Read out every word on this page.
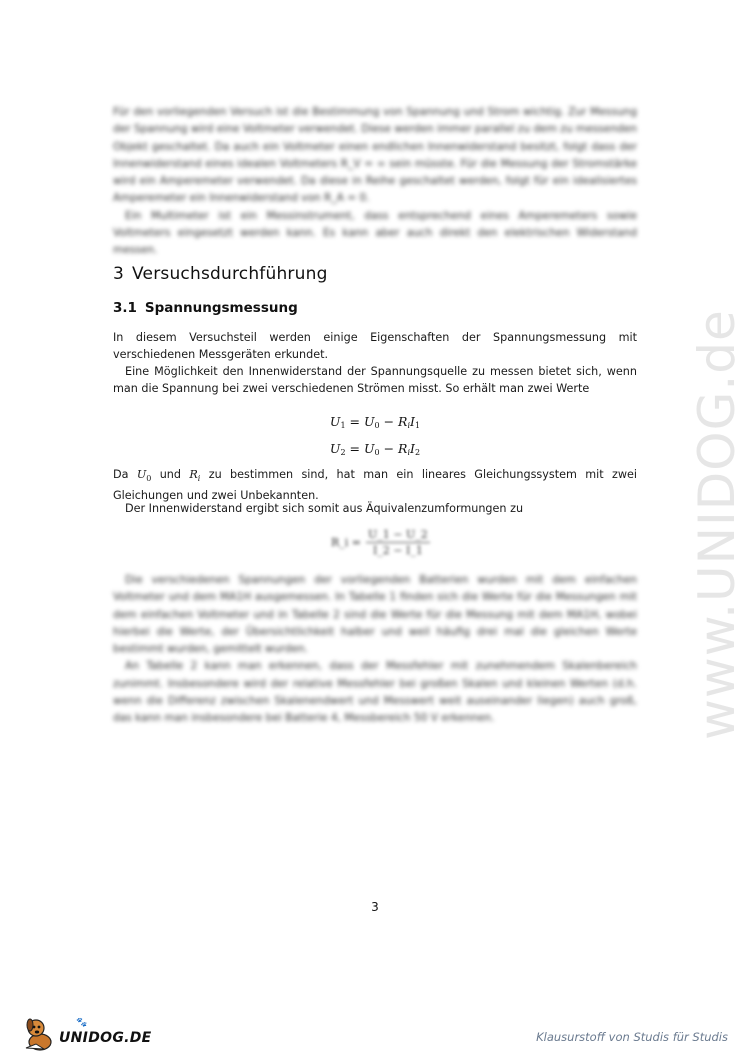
www.UNIDOG.de

Für den vorliegenden Versuch ist die Bestimmung von Spannung und Strom wichtig. Zur Messung der Spannung wird eine Voltmeter verwendet. Diese werden immer parallel zu dem zu messenden Objekt geschaltet. Da auch ein Voltmeter einen endlichen Innenwiderstand besitzt, folgt dass der Innenwiderstand eines idealen Voltmeters R_V = ∞ sein müsste. Für die Messung der Stromstärke wird ein Amperemeter verwendet. Da diese in Reihe geschaltet werden, folgt für ein idealisiertes Amperemeter ein Innenwiderstand von R_A = 0.

Ein Multimeter ist ein Messinstrument, dass entsprechend eines Amperemeters sowie Voltmeters eingesetzt werden kann. Es kann aber auch direkt den elektrischen Widerstand messen.

3 Versuchsdurchführung
3.1 Spannungsmessung
In diesem Versuchsteil werden einige Eigenschaften der Spannungsmessung mit verschiedenen Messgeräten erkundet.
Eine Möglichkeit den Innenwiderstand der Spannungsquelle zu messen bietet sich, wenn man die Spannung bei zwei verschiedenen Strömen misst. So erhält man zwei Werte
$U_1 = U_0 - R_iI_1$
$U_2 = U_0 - R_iI_2$
Da $U_0$ und $R_i$ zu bestimmen sind, hat man ein lineares Gleichungssystem mit zwei Gleichungen und zwei Unbekannten.
Der Innenwiderstand ergibt sich somit aus Äquivalenzumformungen zu
R_i = $\frac{U\_1 - U\_2}{I\_2 - I\_1}$

Die verschiedenen Spannungen der vorliegenden Batterien wurden mit dem einfachen Voltmeter und dem MA1H ausgemessen. In Tabelle 1 finden sich die Werte für die Messungen mit dem einfachen Voltmeter und in Tabelle 2 sind die Werte für die Messung mit dem MA1H, wobei hierbei die Werte, der Übersichtlichkeit halber und weil häufig drei mal die gleichen Werte bestimmt wurden, gemittelt wurden.

An Tabelle 2 kann man erkennen, dass der Messfehler mit zunehmendem Skalenbereich zunimmt. Insbesondere wird der relative Messfehler bei großen Skalen und kleinen Werten (d.h. wenn die Differenz zwischen Skalenendwert und Messwert weit auseinander liegen) auch groß, das kann man insbesondere bei Batterie 4, Messbereich 50 V erkennen.

3
UNIDOG.DE
🐾
Klausurstoff von Studis für Studis
